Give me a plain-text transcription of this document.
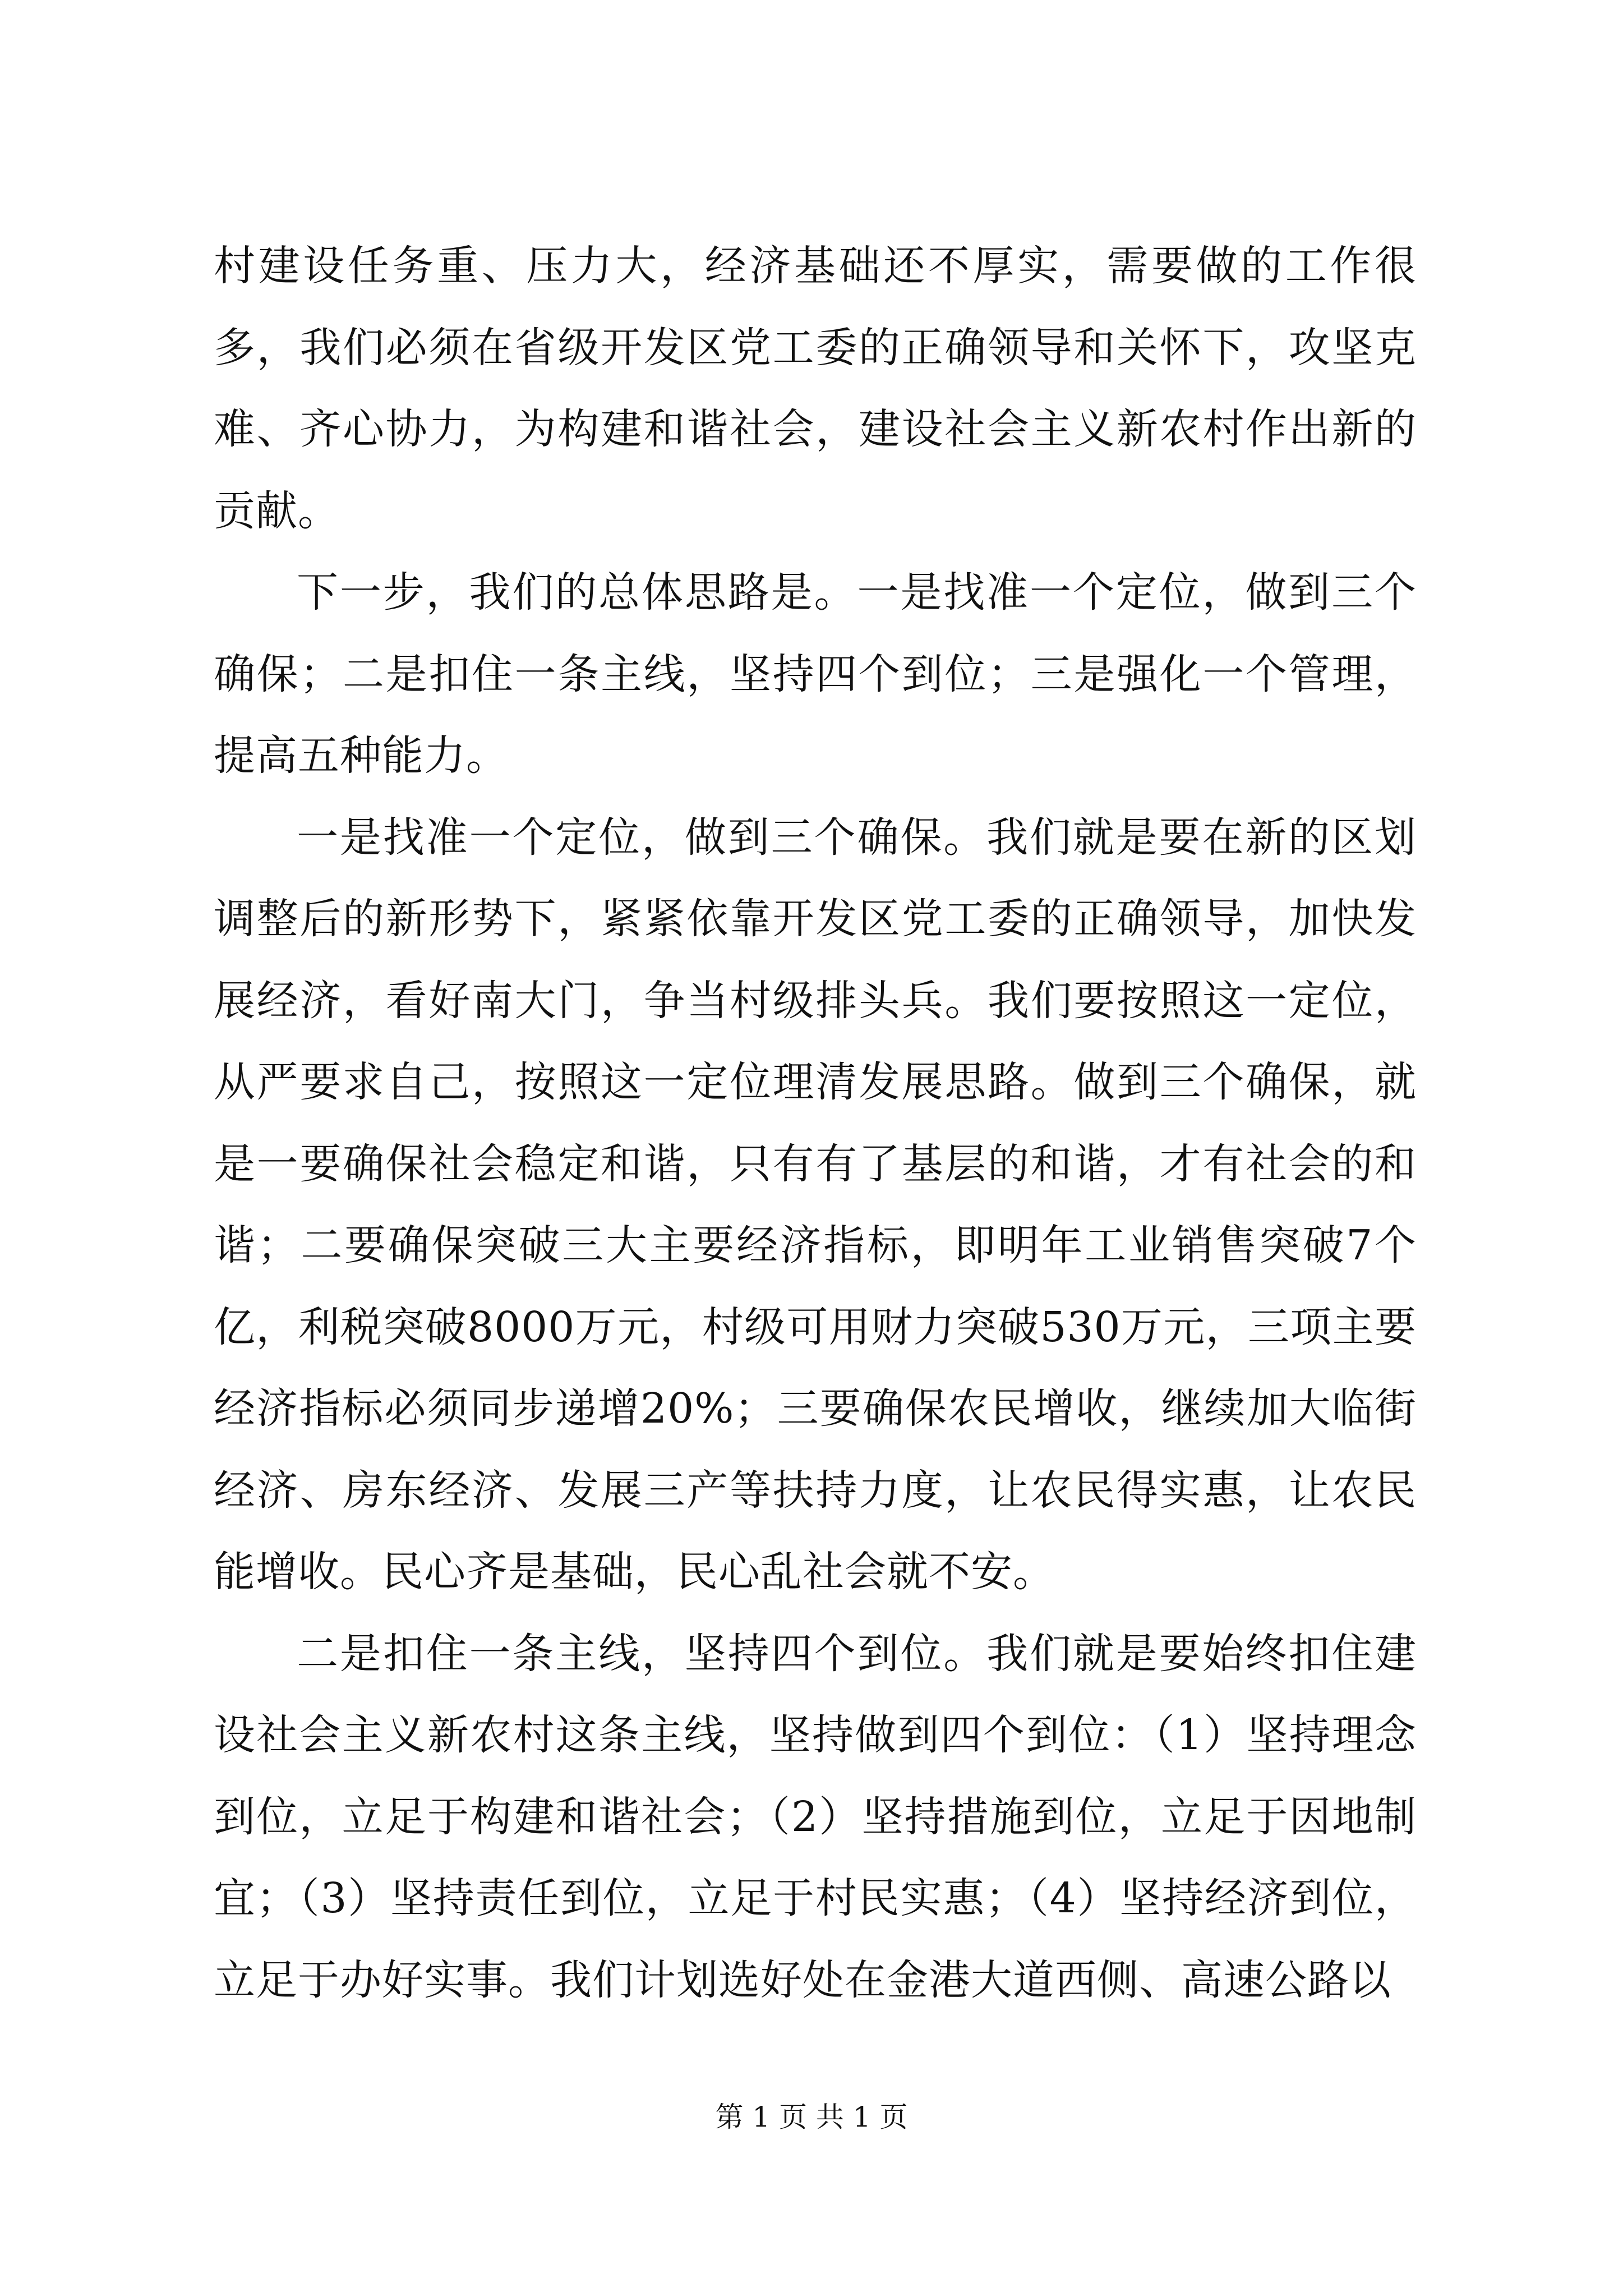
村建设任务重、压力大，经济基础还不厚实，需要做的工作很多，我们必须在省级开发区党工委的正确领导和关怀下，攻坚克难、齐心协力，为构建和谐社会，建设社会主义新农村作出新的贡献。

下一步，我们的总体思路是。一是找准一个定位，做到三个确保；二是扣住一条主线，坚持四个到位；三是强化一个管理，提高五种能力。

一是找准一个定位，做到三个确保。我们就是要在新的区划调整后的新形势下，紧紧依靠开发区党工委的正确领导，加快发展经济，看好南大门，争当村级排头兵。我们要按照这一定位，从严要求自己，按照这一定位理清发展思路。做到三个确保，就是一要确保社会稳定和谐，只有有了基层的和谐，才有社会的和谐；二要确保突破三大主要经济指标，即明年工业销售突破7个亿，利税突破8000万元，村级可用财力突破530万元，三项主要经济指标必须同步递增20%；三要确保农民增收，继续加大临街经济、房东经济、发展三产等扶持力度，让农民得实惠，让农民能增收。民心齐是基础，民心乱社会就不安。

二是扣住一条主线，坚持四个到位。我们就是要始终扣住建设社会主义新农村这条主线，坚持做到四个到位：（1）坚持理念到位，立足于构建和谐社会；（2）坚持措施到位，立足于因地制宜；（3）坚持责任到位，立足于村民实惠；（4）坚持经济到位，立足于办好实事。我们计划选好处在金港大道西侧、高速公路以

第 1 页 共 1 页
